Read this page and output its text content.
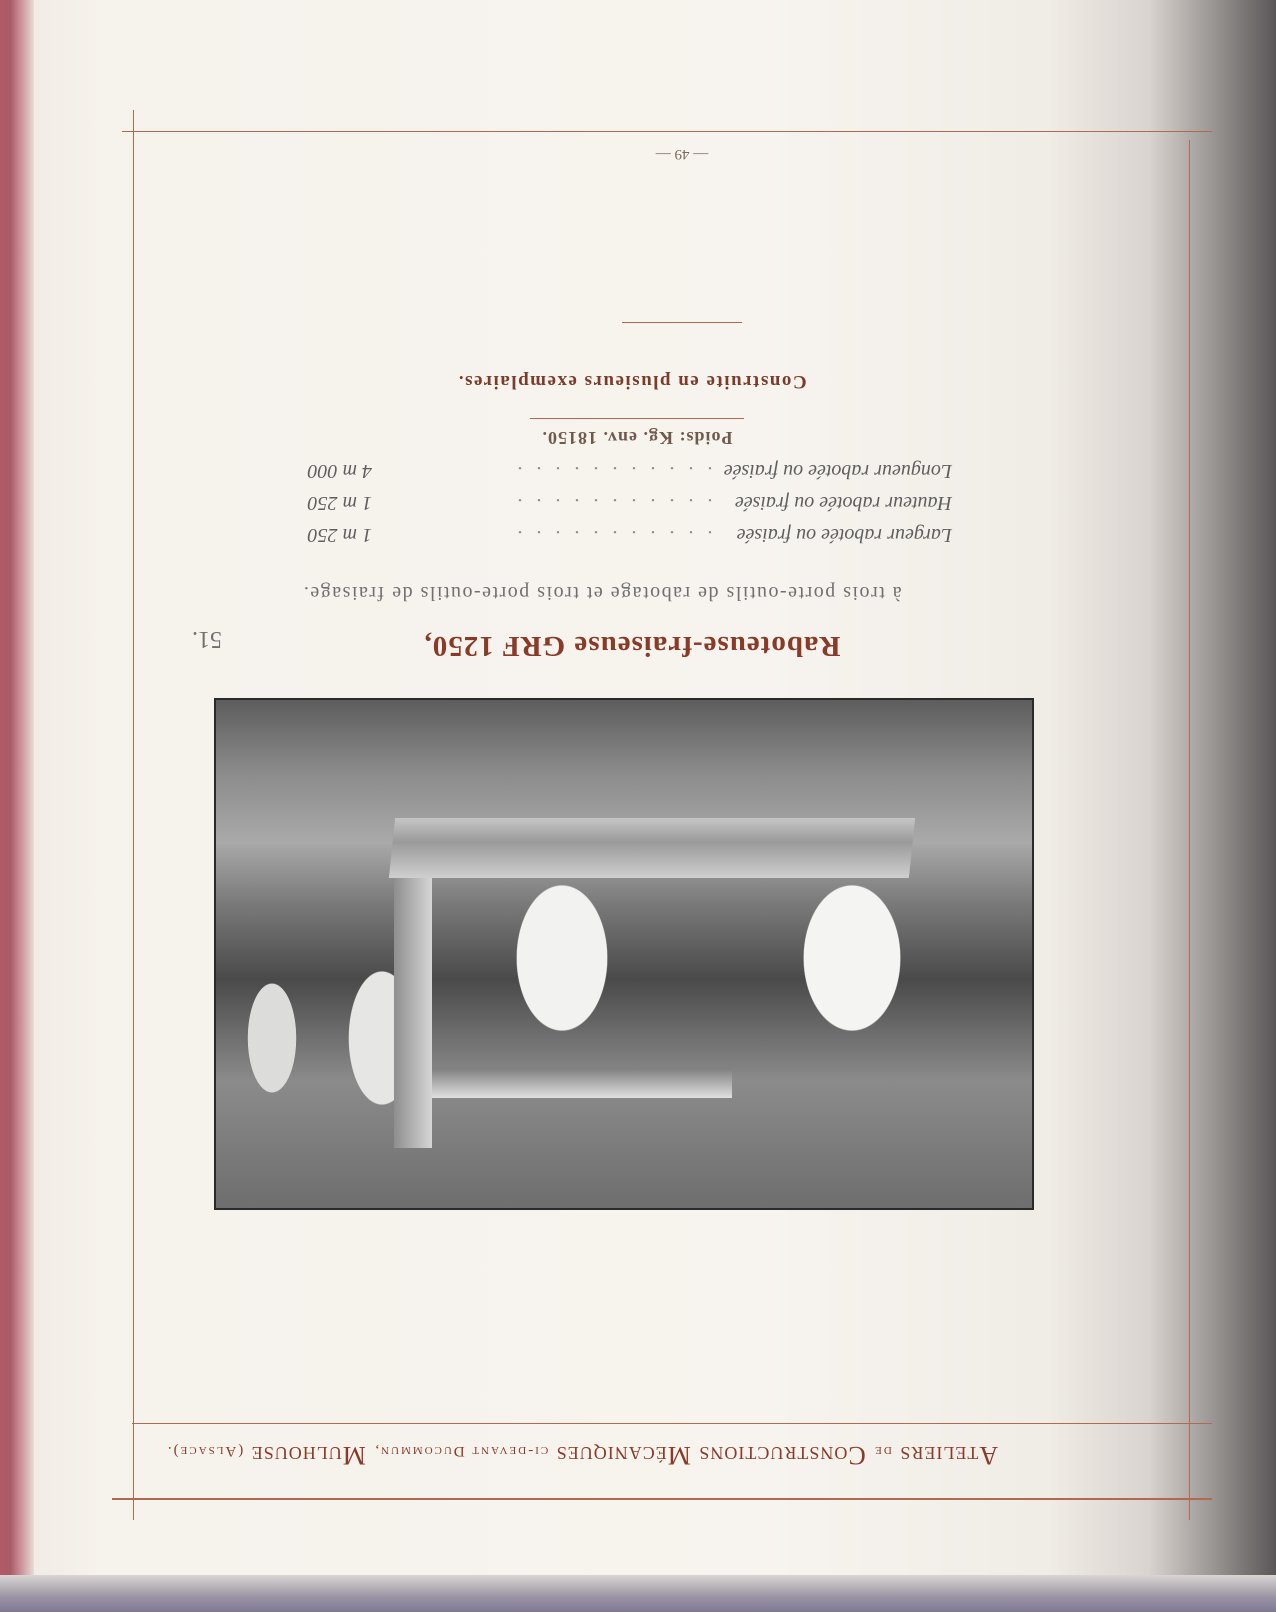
Ateliers de Constructions Mécaniques ci-devant Ducommun, Mulhouse (Alsace).
51.	Raboteuse-fraiseuse GRF 1250,
à trois porte-outils de rabotage et trois porte-outils de fraisage.
Largeur rabotée ou fraisée
...........
1 m 250
Hauteur rabotée ou fraisée
...........
1 m 250
Longueur rabotée ou fraisée
...........
4 m 000
Poids: Kg. env. 18150.
Construite en plusieurs exemplaires.
— 49 —
